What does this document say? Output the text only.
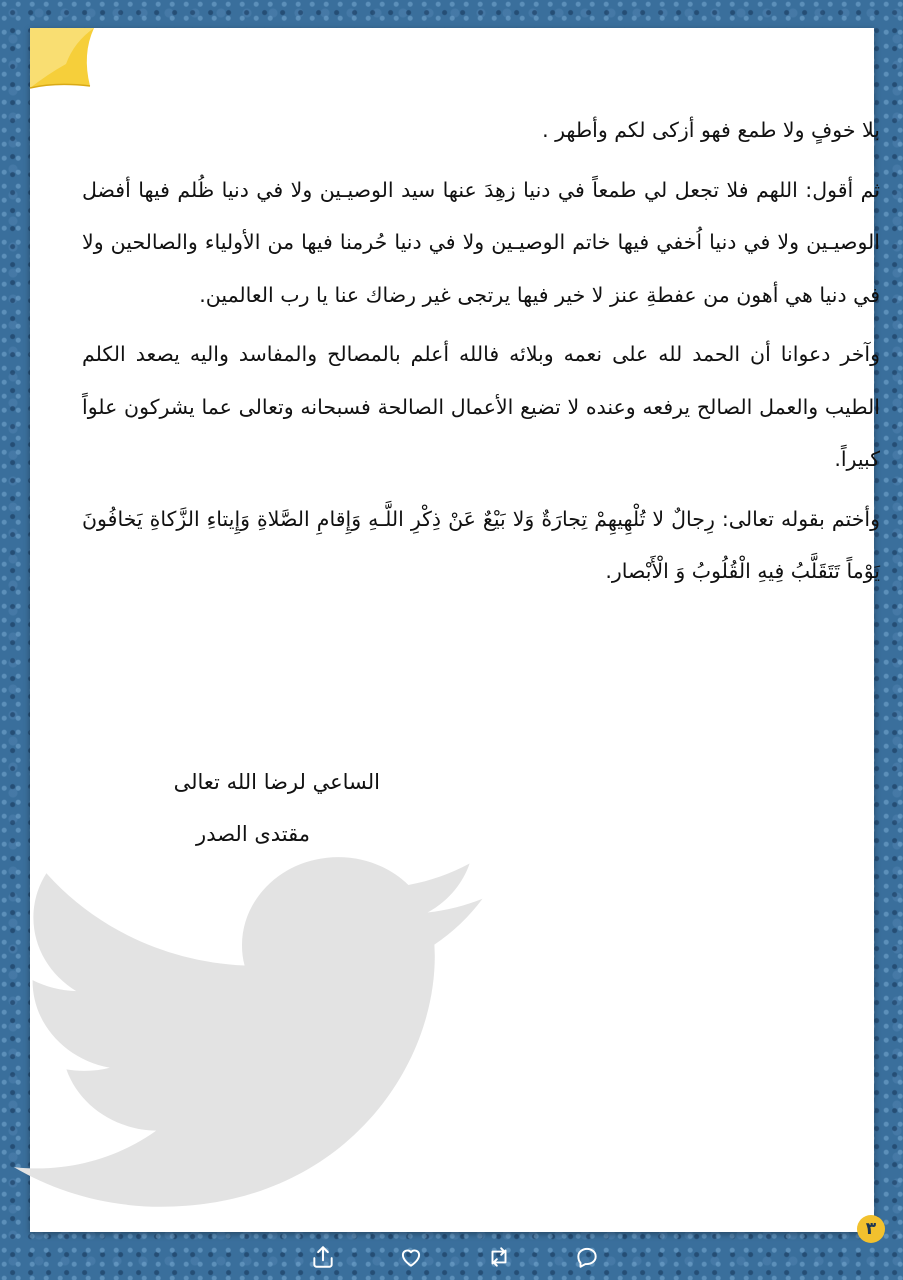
بلا خوفٍ ولا طمع فهو أزكى لكم وأطهر .

ثم أقول: اللهم فلا تجعل لي طمعاً في دنيا زهِدَ عنها سيد الوصيـين ولا في دنيا ظُلم فيها أفضل الوصيـين ولا في دنيا اُخفي فيها خاتم الوصيـين ولا في دنيا حُرمنا فيها من الأولياء والصالحين ولا في دنيا هي أهون من عفطةِ عنز لا خير فيها يرتجى غير رضاك عنا يا رب العالمين.

وآخر دعوانا أن الحمد لله على نعمه وبلائه فالله أعلم بالمصالح والمفاسد واليه يصعد الكلم الطيب والعمل الصالح يرفعه وعنده لا تضيع الأعمال الصالحة فسبحانه وتعالى عما يشركون علواً كبيراً.

وأختم بقوله تعالى: رِجالٌ لا تُلْهِيهِمْ تِجارَةٌ وَلا بَيْعٌ عَنْ ذِكْرِ اللَّـهِ وَإِقامِ الصَّلاةِ وَإِيتاءِ الزَّكاةِ يَخافُونَ يَوْماً تَتَقَلَّبُ فِيهِ الْقُلُوبُ وَ الْأَبْصار.

الساعي لرضا الله تعالى
مقتدى الصدر
٣
